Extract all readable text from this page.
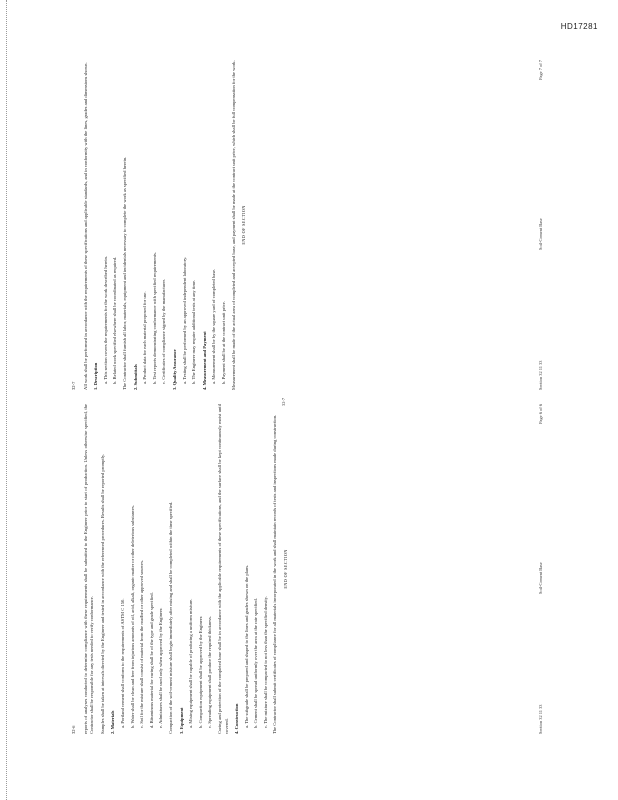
HD17281
32-6	reports of analyses conducted to determine compliance with these requirements shall be submitted to the Engineer prior to start of production. Unless otherwise specified, the Contractor shall be responsible for any tests needed to verify conformance.	Samples shall be taken at intervals directed by the Engineer and tested in accordance with the referenced procedures. Results shall be reported promptly.	2. Materials a. Portland cement shall conform to the requirements of ASTM C 150. b. Water shall be clean and free from injurious amounts of oil, acid, alkali, organic matter or other deleterious substances. c. Soil for the mixture shall consist of material from the roadbed or other approved sources. d. Bituminous material for curing shall be of the type and grade specified. e. Admixtures shall be used only when approved by the Engineer. Compaction of the soil-cement mixture shall begin immediately after mixing and shall be completed within the time specified.	3. Equipment a. Mixing equipment shall be capable of producing a uniform mixture. b. Compaction equipment shall be approved by the Engineer. c. Spreading equipment shall produce the required thickness. Curing and protection of the completed base shall be in accordance with the applicable requirements of these specifications, and the surface shall be kept continuously moist until covered.	4. Construction a. The subgrade shall be prepared and shaped to the lines and grades shown on the plans. b. Cement shall be spread uniformly over the area at the rate specified. c. The mixture shall be compacted to not less than the specified density. The Contractor shall submit certificates of compliance for all materials incorporated in the work and shall maintain records of tests and inspections made during construction.	END OF SECTION
Section 32 11 33
Soil-Cement Base
Page 6 of 6
32-7
32-7	All work shall be performed in accordance with the requirements of these specifications and applicable standards, and in conformity with the lines, grades and dimensions shown.	1. Description a. This section covers the requirements for the work described herein. b. Related work specified elsewhere shall be coordinated as required. The Contractor shall furnish all labor, materials, equipment and incidentals necessary to complete the work as specified herein.	2. Submittals a. Product data for each material proposed for use. b. Test reports demonstrating conformance with specified requirements. c. Certificates of compliance signed by the manufacturer.	3. Quality Assurance a. Testing shall be performed by an approved independent laboratory. b. The Engineer may require additional tests at any time.	4. Measurement and Payment a. Measurement shall be by the square yard of completed base. b. Payment shall be at the contract unit price. Measurement shall be made of the actual area of completed and accepted base, and payment shall be made at the contract unit price, which shall be full compensation for the work.	END OF SECTION
Section 32 11 33
Soil-Cement Base
Page 7 of 7
